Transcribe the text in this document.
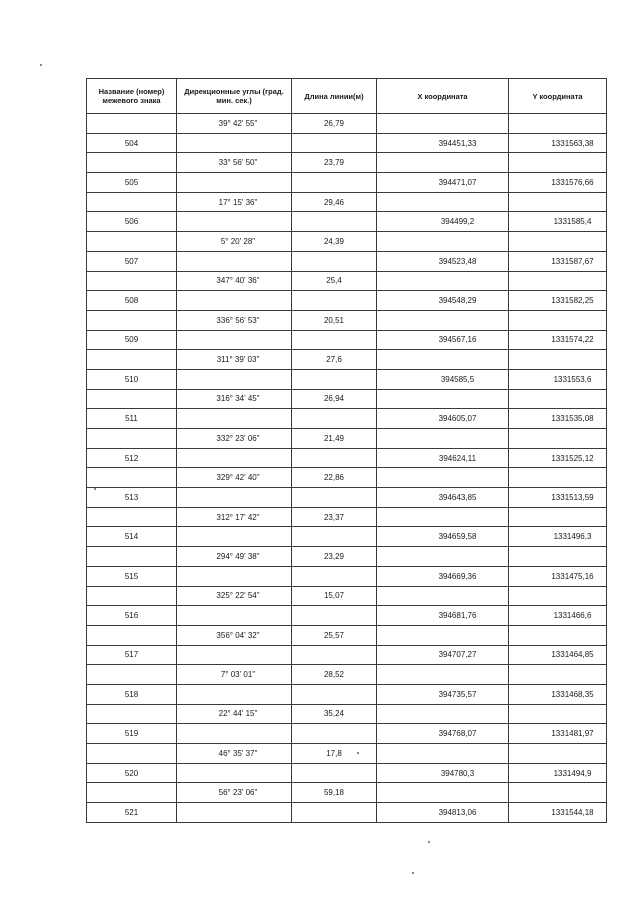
Название (номер) межевого знака	Дирекционные углы (град. мин. сек.)	Длина линии(м)	X координата	Y координата
	39° 42' 55"	26,79		
504			394451,33	1331563,38
	33° 56' 50"	23,79		
505			394471,07	1331576,66
	17° 15' 36"	29,46		
506			394499,2	1331585,4
	5° 20' 28"	24,39		
507			394523,48	1331587,67
	347° 40' 36"	25,4		
508			394548,29	1331582,25
	336° 56' 53"	20,51		
509			394567,16	1331574,22
	311° 39' 03"	27,6		
510			394585,5	1331553,6
	316° 34' 45"	26,94		
511			394605,07	1331535,08
	332° 23' 06"	21,49		
512			394624,11	1331525,12
	329° 42' 40"	22,86		
513			394643,85	1331513,59
	312° 17' 42"	23,37		
514			394659,58	1331496,3
	294° 49' 38"	23,29		
515			394669,36	1331475,16
	325° 22' 54"	15,07		
516			394681,76	1331466,6
	356° 04' 32"	25,57		
517			394707,27	1331464,85
	7° 03' 01"	28,52		
518			394735,57	1331468,35
	22° 44' 15"	35,24		
519			394768,07	1331481,97
	46° 35' 37"	17,8		
520			394780,3	1331494,9
	56° 23' 06"	59,18		
521			394813,06	1331544,18
